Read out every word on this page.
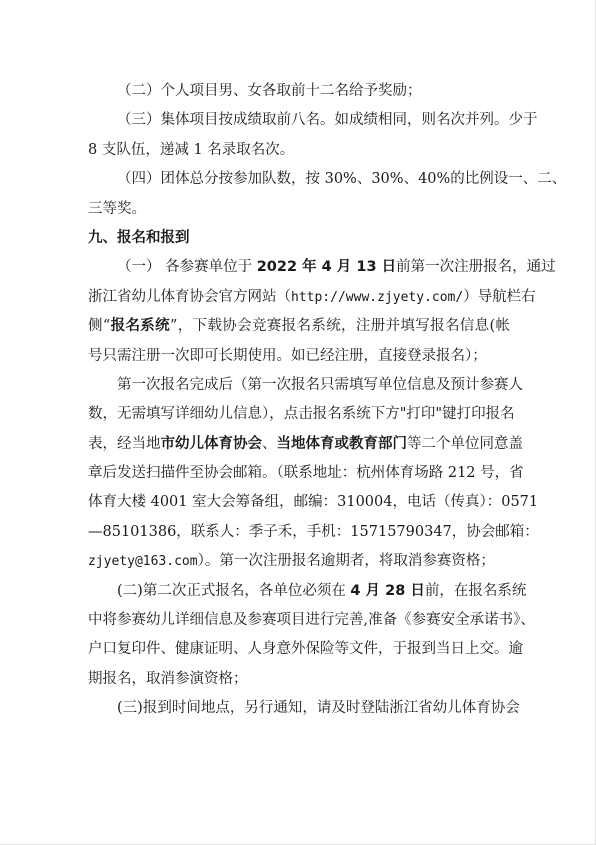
（二）个人项目男、女各取前十二名给予奖励；
（三）集体项目按成绩取前八名。如成绩相同，则名次并列。少于
8 支队伍，递减 1 名录取名次。
（四）团体总分按参加队数，按 30%、30%、40%的比例设一、二、
三等奖。
九、报名和报到
（一） 各参赛单位于 2022 年 4 月 13 日前第一次注册报名，通过
浙江省幼儿体育协会官方网站（http://www.zjyety.com/）导航栏右
侧“报名系统”，下载协会竞赛报名系统，注册并填写报名信息(帐
号只需注册一次即可长期使用。如已经注册，直接登录报名）；
第一次报名完成后（第一次报名只需填写单位信息及预计参赛人
数，无需填写详细幼儿信息），点击报名系统下方"打印"键打印报名
表，经当地市幼儿体育协会、当地体育或教育部门等二个单位同意盖
章后发送扫描件至协会邮箱。（联系地址：杭州体育场路 212 号，省
体育大楼 4001 室大会筹备组，邮编：310004，电话（传真）：0571
—85101386，联系人：季子禾，手机：15715790347，协会邮箱：
zjyety@163.com）。第一次注册报名逾期者，将取消参赛资格；
(二)第二次正式报名，各单位必须在 4 月 28 日前，在报名系统
中将参赛幼儿详细信息及参赛项目进行完善,准备《参赛安全承诺书》、
户口复印件、健康证明、人身意外保险等文件，于报到当日上交。逾
期报名，取消参演资格；
(三)报到时间地点，另行通知，请及时登陆浙江省幼儿体育协会
